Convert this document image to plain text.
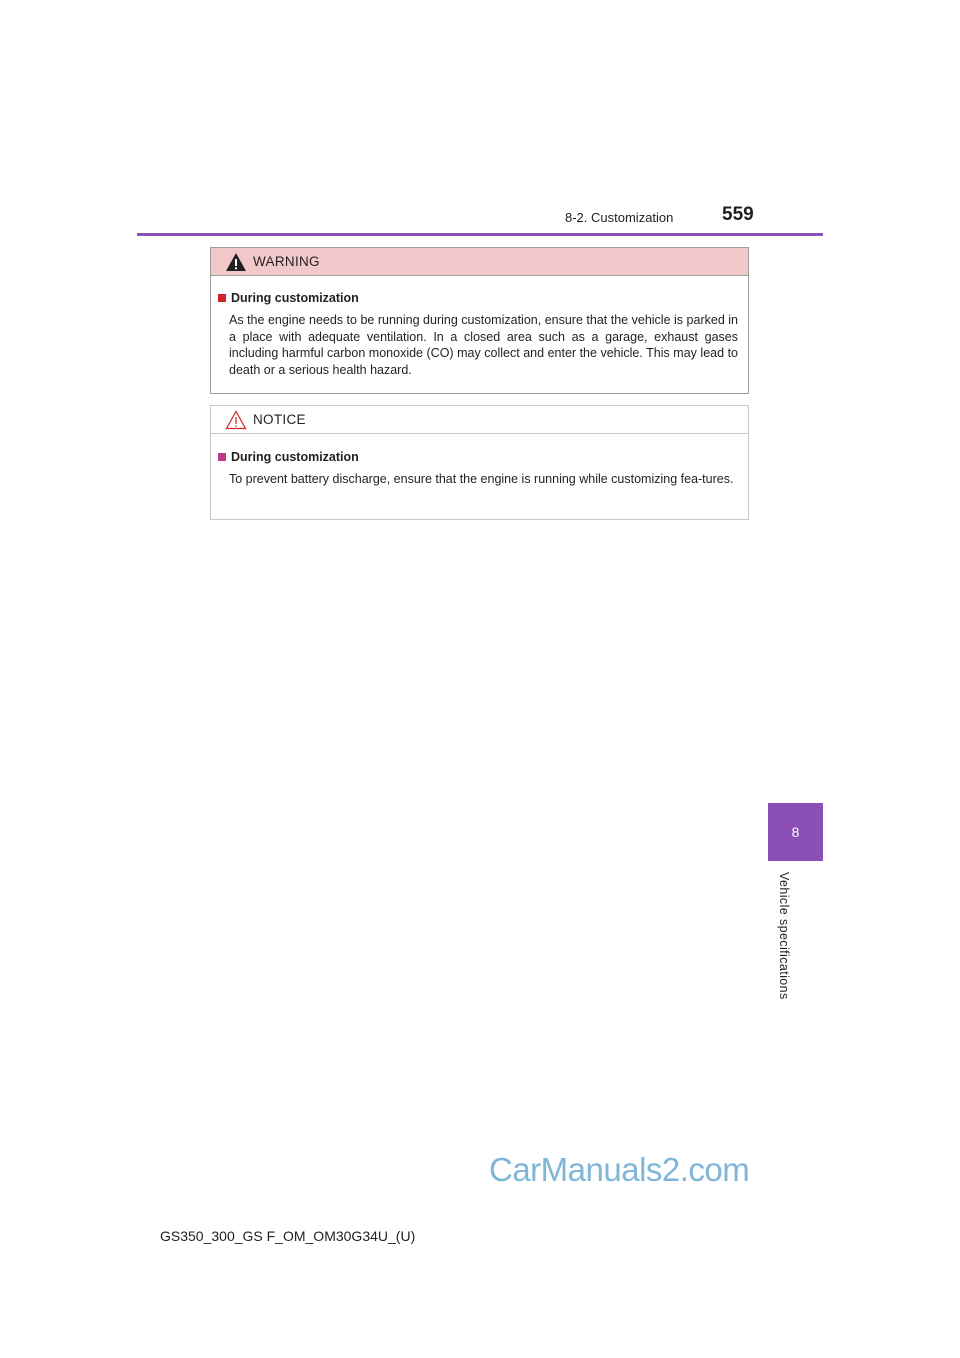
8-2. Customization	559
WARNING
During customization
As the engine needs to be running during customization, ensure that the vehicle is parked in a place with adequate ventilation. In a closed area such as a garage, exhaust gases including harmful carbon monoxide (CO) may collect and enter the vehicle. This may lead to death or a serious health hazard.
NOTICE
During customization
To prevent battery discharge, ensure that the engine is running while customizing fea-tures.
8
Vehicle specifications
CarManuals2.com
GS350_300_GS F_OM_OM30G34U_(U)
